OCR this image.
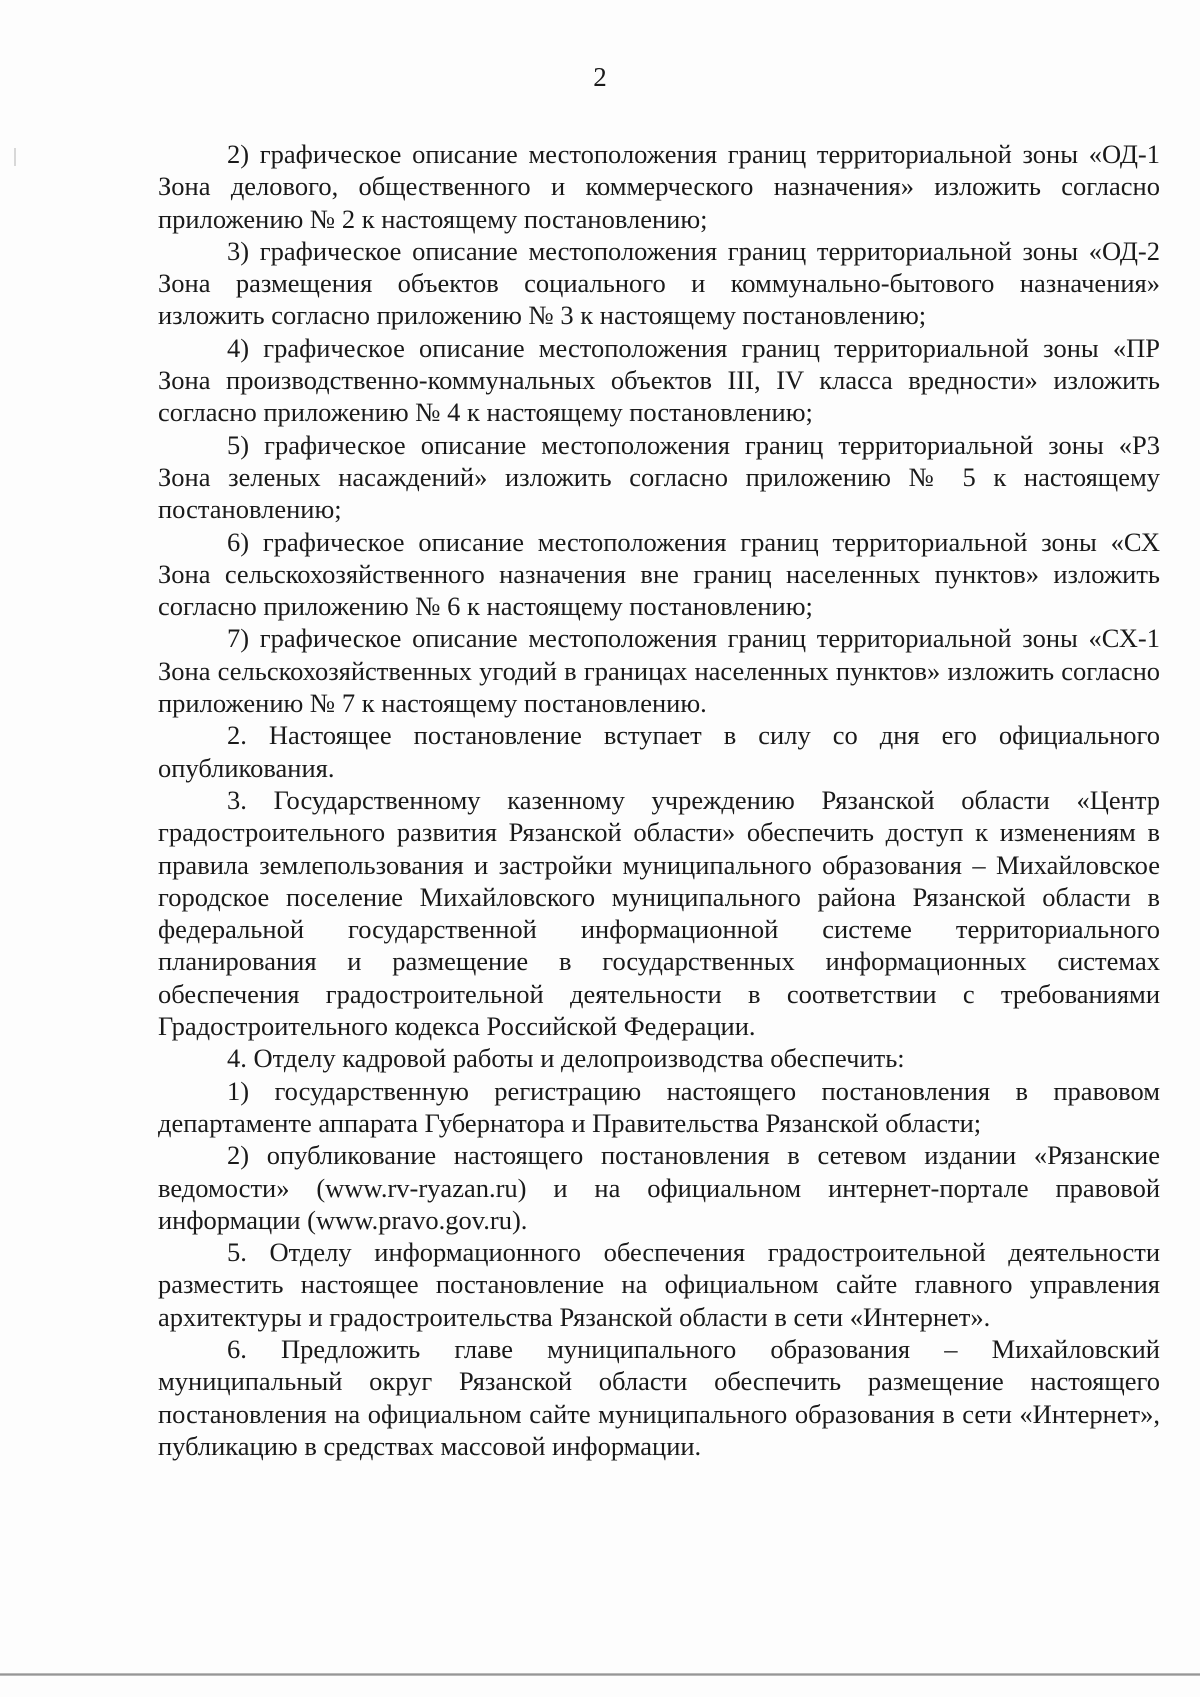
2

2) графическое описание местоположения границ территориальной зоны «ОД-1 Зона делового, общественного и коммерческого назначения» изложить согласно приложению № 2 к настоящему постановлению;

3) графическое описание местоположения границ территориальной зоны «ОД-2 Зона размещения объектов социального и коммунально-бытового назначения» изложить согласно приложению № 3 к настоящему постановлению;

4) графическое описание местоположения границ территориальной зоны «ПР Зона производственно-коммунальных объектов III, IV класса вредности» изложить согласно приложению № 4 к настоящему постановлению;

5) графическое описание местоположения границ территориальной зоны «Р3 Зона зеленых насаждений» изложить согласно приложению № 5 к настоящему постановлению;

6) графическое описание местоположения границ территориальной зоны «СХ Зона сельскохозяйственного назначения вне границ населенных пунктов» изложить согласно приложению № 6 к настоящему постановлению;

7) графическое описание местоположения границ территориальной зоны «СХ-1 Зона сельскохозяйственных угодий в границах населенных пунктов» изложить согласно приложению № 7 к настоящему постановлению.

2. Настоящее постановление вступает в силу со дня его официального опубликования.

3. Государственному казенному учреждению Рязанской области «Центр градостроительного развития Рязанской области» обеспечить доступ к изменениям в правила землепользования и застройки муниципального образования – Михайловское городское поселение Михайловского муниципального района Рязанской области в федеральной государственной информационной системе территориального планирования и размещение в государственных информационных системах обеспечения градостроительной деятельности в соответствии с требованиями Градостроительного кодекса Российской Федерации.

4. Отделу кадровой работы и делопроизводства обеспечить:

1) государственную регистрацию настоящего постановления в правовом департаменте аппарата Губернатора и Правительства Рязанской области;

2) опубликование настоящего постановления в сетевом издании «Рязанские ведомости» (www.rv-ryazan.ru) и на официальном интернет-портале правовой информации (www.pravo.gov.ru).

5. Отделу информационного обеспечения градостроительной деятельности разместить настоящее постановление на официальном сайте главного управления архитектуры и градостроительства Рязанской области в сети «Интернет».

6. Предложить главе муниципального образования – Михайловский муниципальный округ Рязанской области обеспечить размещение настоящего постановления на официальном сайте муниципального образования в сети «Интернет», публикацию в средствах массовой информации.
